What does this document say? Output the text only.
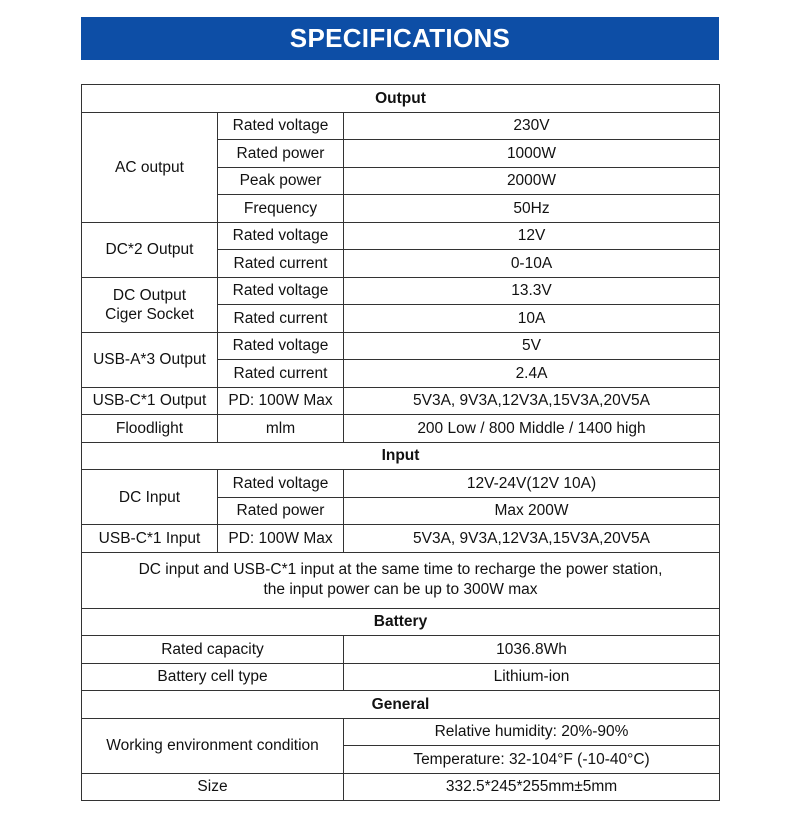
SPECIFICATIONS
Output		
AC output	Rated voltage	230V
	Rated power	1000W
	Peak power	2000W
	Frequency	50Hz
DC*2 Output	Rated voltage	12V
	Rated current	0-10A
DC Output
Ciger Socket	Rated voltage	13.3V
	Rated current	10A
USB-A*3 Output	Rated voltage	5V
	Rated current	2.4A
USB-C*1 Output	PD: 100W Max	5V3A, 9V3A,12V3A,15V3A,20V5A
Floodlight	mlm	200 Low / 800 Middle / 1400 high
Input		
DC Input	Rated voltage	12V-24V(12V 10A)
	Rated power	Max 200W
USB-C*1 Input	PD: 100W Max	5V3A, 9V3A,12V3A,15V3A,20V5A
DC input and USB-C*1 input at the same time to recharge the power station,
the input power can be up to 300W max		
Battery		
Rated capacity		1036.8Wh
Battery cell type		Lithium-ion
General		
Working environment condition		Relative humidity: 20%-90%
		Temperature: 32-104°F (-10-40°C)
Size		332.5*245*255mm±5mm
